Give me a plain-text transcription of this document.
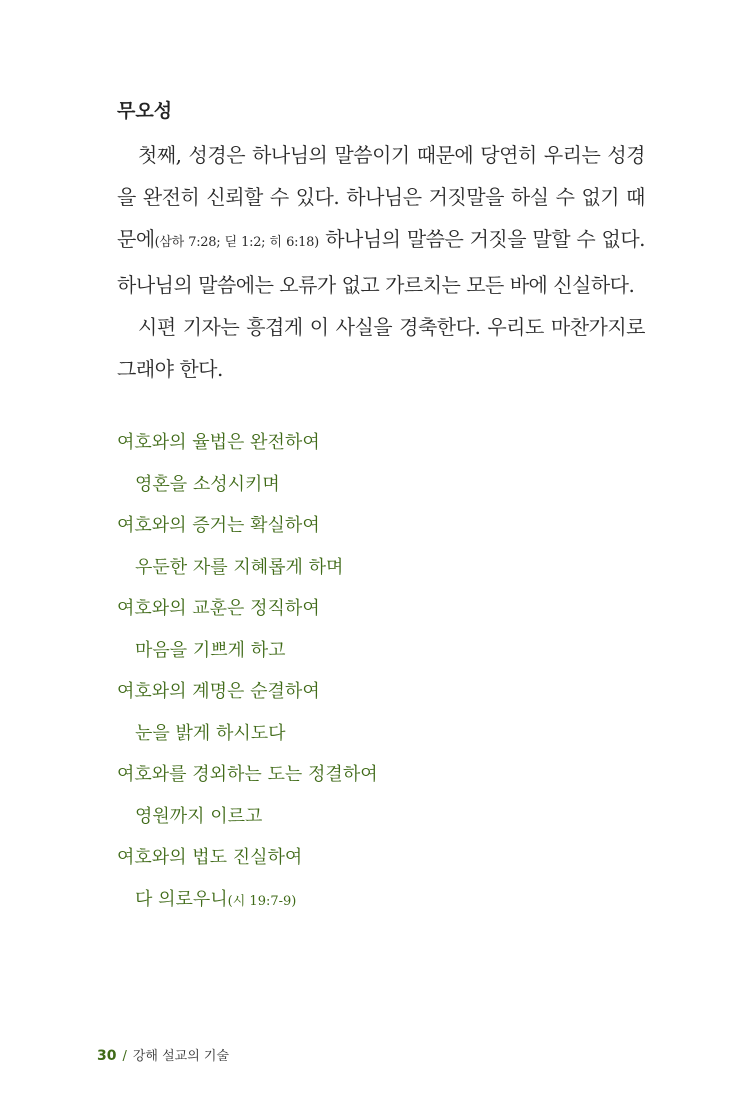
무오성

첫째, 성경은 하나님의 말씀이기 때문에 당연히 우리는 성경을 완전히 신뢰할 수 있다. 하나님은 거짓말을 하실 수 없기 때문에(삼하 7:28; 딛 1:2; 히 6:18) 하나님의 말씀은 거짓을 말할 수 없다. 하나님의 말씀에는 오류가 없고 가르치는 모든 바에 신실하다.

시편 기자는 흥겹게 이 사실을 경축한다. 우리도 마찬가지로 그래야 한다.

여호와의 율법은 완전하여
영혼을 소성시키며
여호와의 증거는 확실하여
우둔한 자를 지혜롭게 하며
여호와의 교훈은 정직하여
마음을 기쁘게 하고
여호와의 계명은 순결하여
눈을 밝게 하시도다
여호와를 경외하는 도는 정결하여
영원까지 이르고
여호와의 법도 진실하여
다 의로우니(시 19:7-9)
30 / 강해 설교의 기술
